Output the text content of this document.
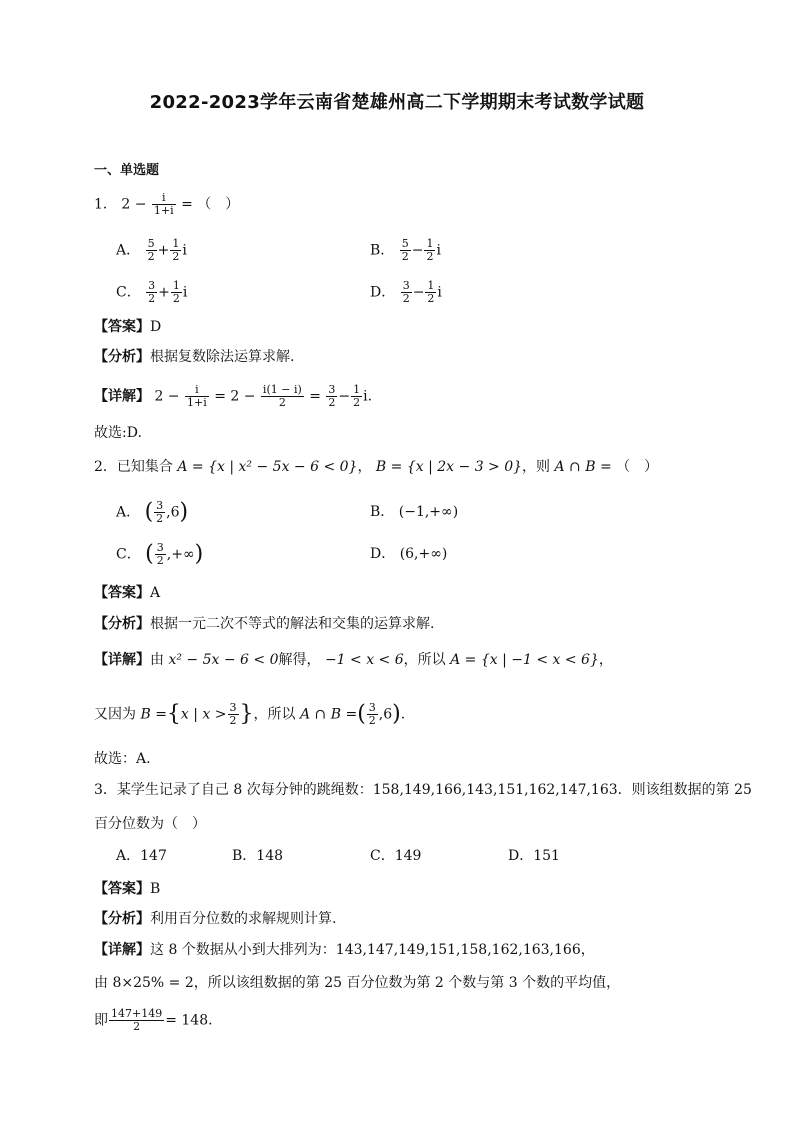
2022-2023学年云南省楚雄州高二下学期期末考试数学试题
一、单选题
1． $2 - \frac{i}{1+i}$ = （　）
A． $\frac{5}{2} + \frac{1}{2}$ i	B． $\frac{5}{2} - \frac{1}{2}$ i
C． $\frac{3}{2} + \frac{1}{2}$ i	D． $\frac{3}{2} - \frac{1}{2}$ i
【答案】D
【分析】根据复数除法运算求解.
【详解】 $2 - \frac{i}{1+i} = 2 - \frac{i(1 - i)}{2} = \frac{3}{2} - \frac{1}{2} i$.
故选:D.
2．已知集合 A = {x | x² − 5x − 6 < 0}， B = {x | 2x − 3 > 0}，则 A ∩ B = （　）
A． ( $\frac{3}{2} ,6$)	B． (−1,+∞)
C． ( $\frac{3}{2}$ ,+∞)	D． (6,+∞)
【答案】A
【分析】根据一元二次不等式的解法和交集的运算求解.
【详解】由 x² − 5x − 6 < 0解得， −1 < x < 6，所以 A = {x | −1 < x < 6}，
又因为 B ={x | $x > \frac{3}{2}$ }，所以 A ∩ B =( $\frac{3}{2} ,6$).
故选：A.
3．某学生记录了自己 8 次每分钟的跳绳数：158,149,166,143,151,162,147,163．则该组数据的第 25
百分位数为（　）
A．147	B．148	C．149	D．151
【答案】B
【分析】利用百分位数的求解规则计算.
【详解】这 8 个数据从小到大排列为：143,147,149,151,158,162,163,166，
由 8×25% = 2，所以该组数据的第 25 百分位数为第 2 个数与第 3 个数的平均值，
即 $\frac{147+149}{2} = 148$．
